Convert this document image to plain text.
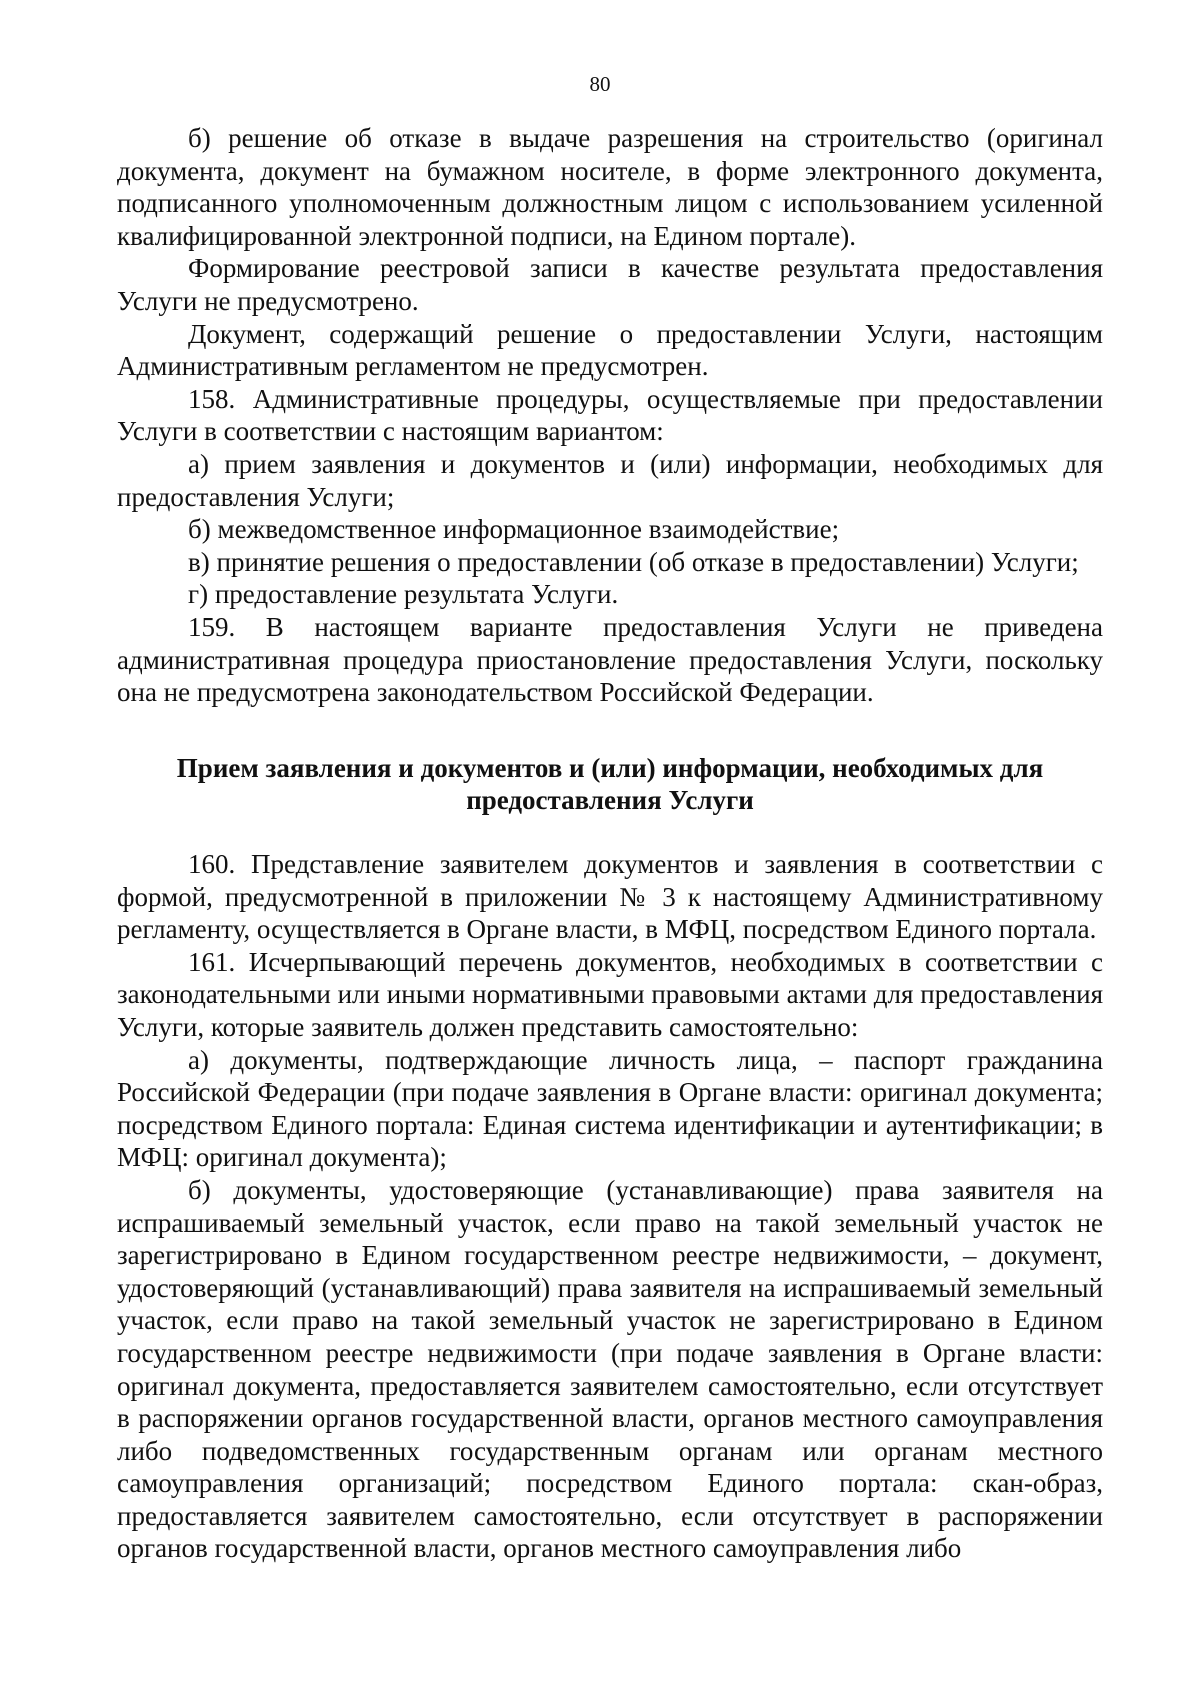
80

б) решение об отказе в выдаче разрешения на строительство (оригинал документа, документ на бумажном носителе, в форме электронного документа, подписанного уполномоченным должностным лицом с использованием усиленной квалифицированной электронной подписи, на Едином портале).

Формирование реестровой записи в качестве результата предоставления Услуги не предусмотрено.

Документ, содержащий решение о предоставлении Услуги, настоящим Административным регламентом не предусмотрен.

158. Административные процедуры, осуществляемые при предоставлении Услуги в соответствии с настоящим вариантом:

а) прием заявления и документов и (или) информации, необходимых для предоставления Услуги;

б) межведомственное информационное взаимодействие;

в) принятие решения о предоставлении (об отказе в предоставлении) Услуги;

г) предоставление результата Услуги.

159. В настоящем варианте предоставления Услуги не приведена административная процедура приостановление предоставления Услуги, поскольку она не предусмотрена законодательством Российской Федерации.

Прием заявления и документов и (или) информации, необходимых для предоставления Услуги

160. Представление заявителем документов и заявления в соответствии с формой, предусмотренной в приложении № 3 к настоящему Административному регламенту, осуществляется в Органе власти, в МФЦ, посредством Единого портала.

161. Исчерпывающий перечень документов, необходимых в соответствии с законодательными или иными нормативными правовыми актами для предоставления Услуги, которые заявитель должен представить самостоятельно:

а) документы, подтверждающие личность лица, – паспорт гражданина Российской Федерации (при подаче заявления в Органе власти: оригинал документа; посредством Единого портала: Единая система идентификации и аутентификации; в МФЦ: оригинал документа);

б) документы, удостоверяющие (устанавливающие) права заявителя на испрашиваемый земельный участок, если право на такой земельный участок не зарегистрировано в Едином государственном реестре недвижимости, – документ, удостоверяющий (устанавливающий) права заявителя на испрашиваемый земельный участок, если право на такой земельный участок не зарегистрировано в Едином государственном реестре недвижимости (при подаче заявления в Органе власти: оригинал документа, предоставляется заявителем самостоятельно, если отсутствует в распоряжении органов государственной власти, органов местного самоуправления либо подведомственных государственным органам или органам местного самоуправления организаций; посредством Единого портала: скан-образ, предоставляется заявителем самостоятельно, если отсутствует в распоряжении органов государственной власти, органов местного самоуправления либо
